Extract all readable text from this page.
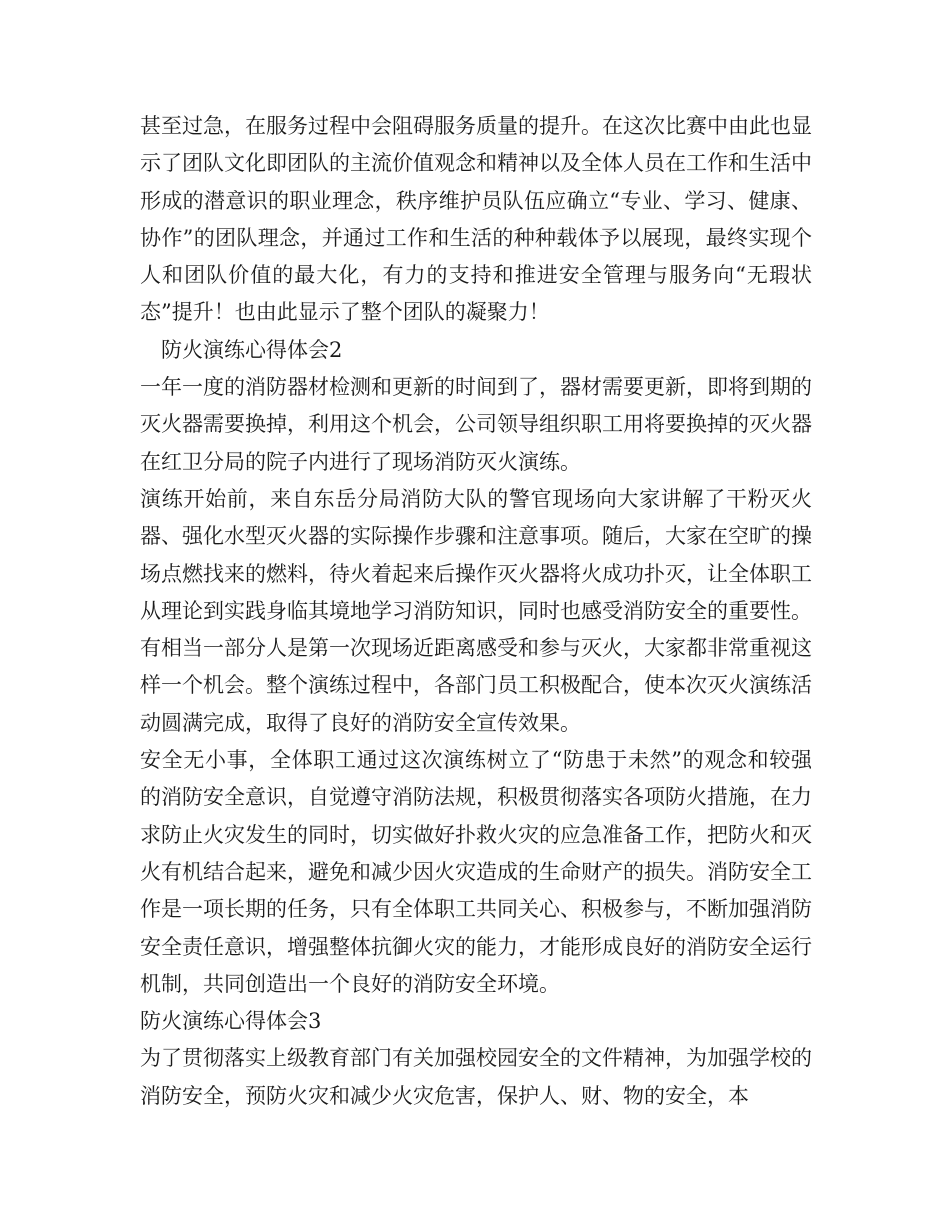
甚至过急，在服务过程中会阻碍服务质量的提升。在这次比赛中由此也显示了团队文化即团队的主流价值观念和精神以及全体人员在工作和生活中形成的潜意识的职业理念，秩序维护员队伍应确立“专业、学习、健康、协作”的团队理念，并通过工作和生活的种种载体予以展现，最终实现个人和团队价值的最大化，有力的支持和推进安全管理与服务向“无瑕状态”提升！也由此显示了整个团队的凝聚力！

防火演练心得体会2

一年一度的消防器材检测和更新的时间到了，器材需要更新，即将到期的灭火器需要换掉，利用这个机会，公司领导组织职工用将要换掉的灭火器在红卫分局的院子内进行了现场消防灭火演练。

演练开始前，来自东岳分局消防大队的警官现场向大家讲解了干粉灭火器、强化水型灭火器的实际操作步骤和注意事项。随后，大家在空旷的操场点燃找来的燃料，待火着起来后操作灭火器将火成功扑灭，让全体职工从理论到实践身临其境地学习消防知识，同时也感受消防安全的重要性。有相当一部分人是第一次现场近距离感受和参与灭火，大家都非常重视这样一个机会。整个演练过程中，各部门员工积极配合，使本次灭火演练活动圆满完成，取得了良好的消防安全宣传效果。

安全无小事，全体职工通过这次演练树立了“防患于未然”的观念和较强的消防安全意识，自觉遵守消防法规，积极贯彻落实各项防火措施，在力求防止火灾发生的同时，切实做好扑救火灾的应急准备工作，把防火和灭火有机结合起来，避免和减少因火灾造成的生命财产的损失。消防安全工作是一项长期的任务，只有全体职工共同关心、积极参与，不断加强消防安全责任意识，增强整体抗御火灾的能力，才能形成良好的消防安全运行机制，共同创造出一个良好的消防安全环境。

防火演练心得体会3

为了贯彻落实上级教育部门有关加强校园安全的文件精神，为加强学校的消防安全，预防火灾和减少火灾危害，保护人、财、物的安全，本
